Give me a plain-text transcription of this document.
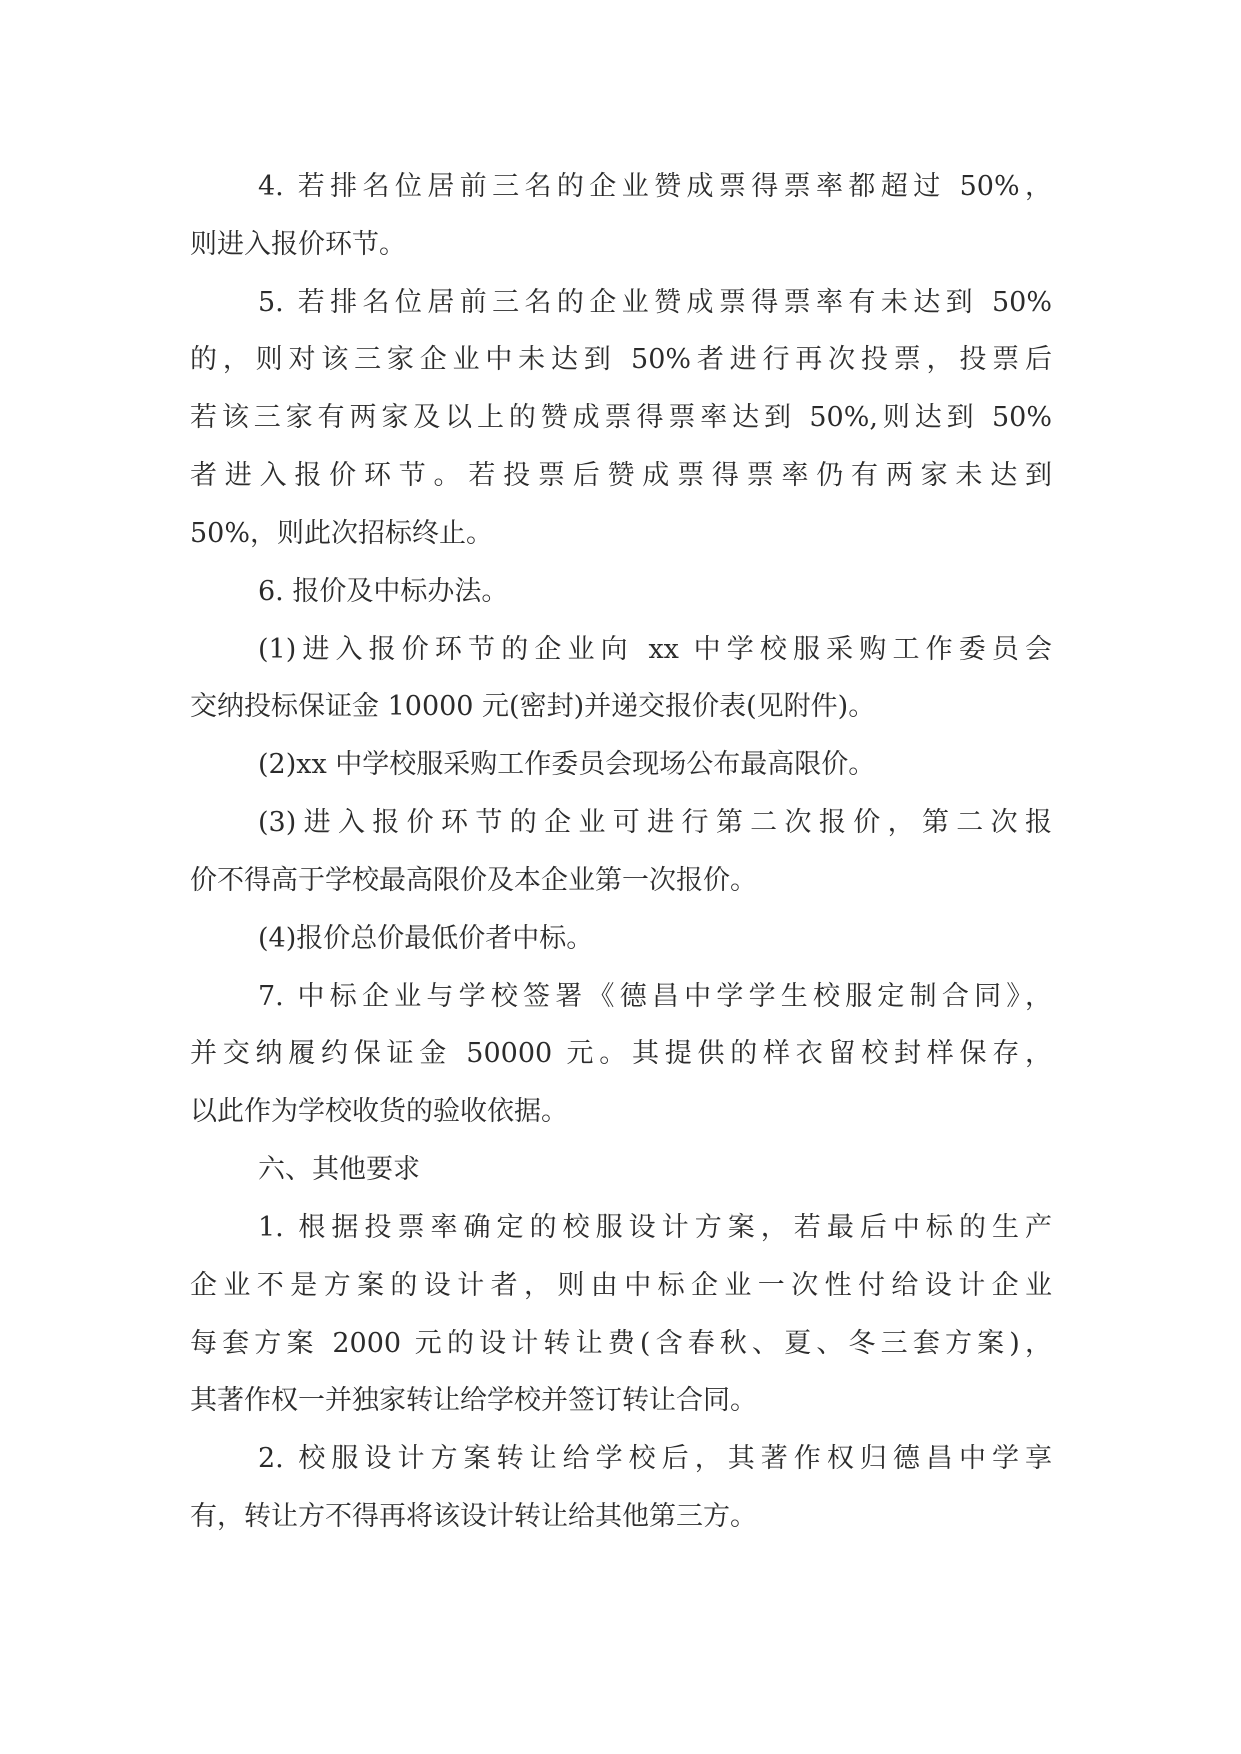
4. 若排名位居前三名的企业赞成票得票率都超过 50%，
则进入报价环节。
5. 若排名位居前三名的企业赞成票得票率有未达到 50%
的，则对该三家企业中未达到 50%者进行再次投票，投票后
若该三家有两家及以上的赞成票得票率达到 50%,则达到 50%
者进入报价环节。若投票后赞成票得票率仍有两家未达到
50%，则此次招标终止。
6. 报价及中标办法。
(1)进入报价环节的企业向 xx 中学校服采购工作委员会
交纳投标保证金 10000 元(密封)并递交报价表(见附件)。
(2)xx 中学校服采购工作委员会现场公布最高限价。
(3)进入报价环节的企业可进行第二次报价，第二次报
价不得高于学校最高限价及本企业第一次报价。
(4)报价总价最低价者中标。
7. 中标企业与学校签署《德昌中学学生校服定制合同》，
并交纳履约保证金 50000 元。其提供的样衣留校封样保存，
以此作为学校收货的验收依据。
六、其他要求
1. 根据投票率确定的校服设计方案，若最后中标的生产
企业不是方案的设计者，则由中标企业一次性付给设计企业
每套方案 2000 元的设计转让费(含春秋、夏、冬三套方案)，
其著作权一并独家转让给学校并签订转让合同。
2. 校服设计方案转让给学校后，其著作权归德昌中学享
有，转让方不得再将该设计转让给其他第三方。
